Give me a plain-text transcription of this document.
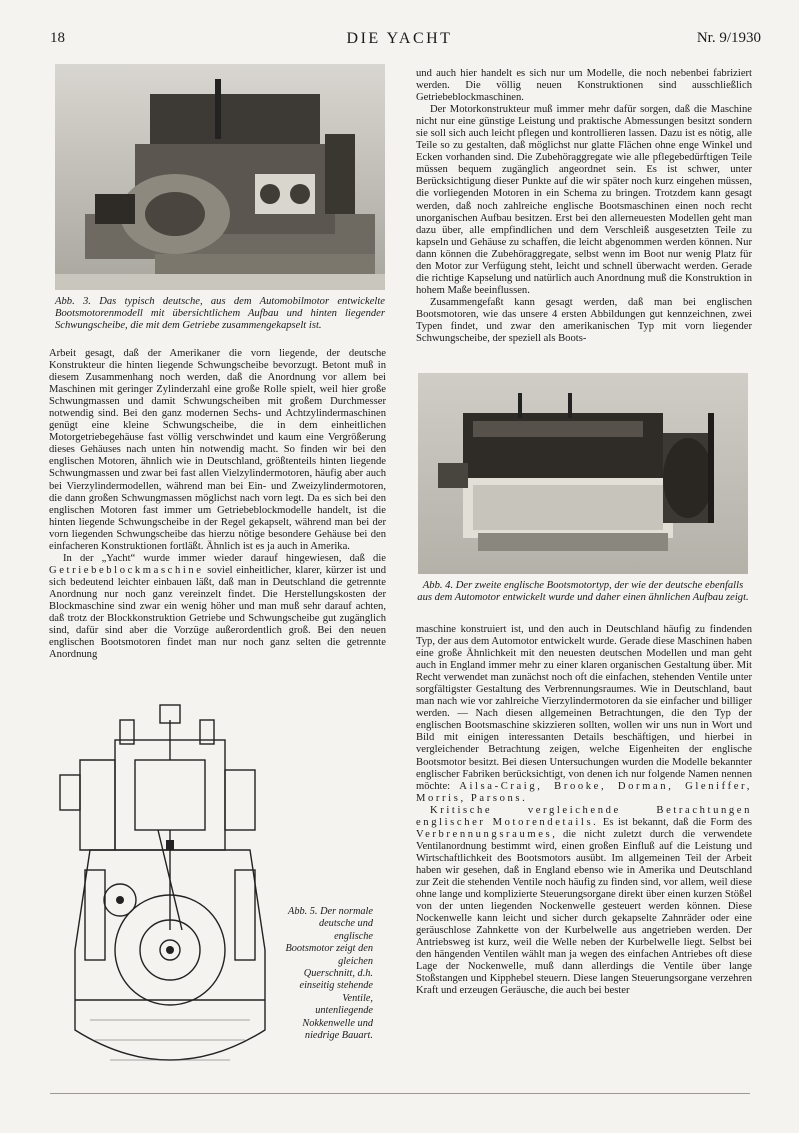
18	DIE YACHT	Nr. 9/1930
Abb. 3. Das typisch deutsche, aus dem Automobilmotor entwickelte Bootsmotorenmodell mit übersichtlichem Aufbau und hinten liegender Schwungscheibe, die mit dem Getriebe zusammengekapselt ist.

Arbeit gesagt, daß der Amerikaner die vorn liegende, der deutsche Konstrukteur die hinten liegende Schwungscheibe bevorzugt. Betont muß in diesem Zusammenhang noch werden, daß die Anordnung vor allem bei Maschinen mit geringer Zylinderzahl eine große Rolle spielt, weil hier große Schwungmassen und damit Schwungscheiben mit großem Durchmesser notwendig sind. Bei den ganz modernen Sechs- und Achtzylindermaschinen genügt eine kleine Schwungscheibe, die in dem einheitlichen Motorgetriebegehäuse fast völlig verschwindet und kaum eine Vergrößerung dieses Gehäuses nach unten hin notwendig macht. So finden wir bei den englischen Motoren, ähnlich wie in Deutschland, größtenteils hinten liegende Schwungmassen und zwar bei fast allen Vielzylindermotoren, häufig aber auch bei Vierzylindermodellen, während man bei Ein- und Zweizylindermotoren, die dann großen Schwungmassen möglichst nach vorn legt. Da es sich bei den englischen Motoren fast immer um Getriebeblockmodelle handelt, ist die hinten liegende Schwungscheibe in der Regel gekapselt, während man bei der vorn liegenden Schwungscheibe das hierzu nötige besondere Gehäuse bei den einfacheren Konstruktionen fortläßt. Ähnlich ist es ja auch in Amerika.

In der „Yacht“ wurde immer wieder darauf hingewiesen, daß die Getriebeblockmaschine soviel einheitlicher, klarer, kürzer ist und sich bedeutend leichter einbauen läßt, daß man in Deutschland die getrennte Anordnung nur noch ganz vereinzelt findet. Die Herstellungskosten der Blockmaschine sind zwar ein wenig höher und man muß sehr darauf achten, daß trotz der Blockkonstruktion Getriebe und Schwungscheibe gut zugänglich sind, dafür sind aber die Vorzüge außerordentlich groß. Bei den neuen englischen Bootsmotoren findet man nur noch ganz selten die getrennte Anordnung

Abb. 5. Der normale deutsche und englische Bootsmotor zeigt den gleichen Querschnitt, d.h. einseitig stehende Ventile, untenliegende Nokkenwelle und niedrige Bauart.

und auch hier handelt es sich nur um Modelle, die noch nebenbei fabriziert werden. Die völlig neuen Konstruktionen sind ausschließlich Getriebeblockmaschinen.

Der Motorkonstrukteur muß immer mehr dafür sorgen, daß die Maschine nicht nur eine günstige Leistung und praktische Abmessungen besitzt sondern sie soll sich auch leicht pflegen und kontrollieren lassen. Dazu ist es nötig, alle Teile so zu gestalten, daß möglichst nur glatte Flächen ohne enge Winkel und Ecken vorhanden sind. Die Zubehöraggregate wie alle pflegebedürftigen Teile müssen bequem zugänglich angeordnet sein. Es ist schwer, unter Berücksichtigung dieser Punkte auf die wir später noch kurz eingehen müssen, die vorliegenden Motoren in ein Schema zu bringen. Trotzdem kann gesagt werden, daß noch zahlreiche englische Bootsmaschinen einen noch recht unorganischen Aufbau besitzen. Erst bei den allerneuesten Modellen geht man dazu über, alle empfindlichen und dem Verschleiß ausgesetzten Teile zu kapseln und Gehäuse zu schaffen, die leicht abgenommen werden können. Nur dann können die Zubehöraggregate, selbst wenn im Boot nur wenig Platz für den Motor zur Verfügung steht, leicht und schnell überwacht werden. Gerade die richtige Kapselung und natürlich auch Anordnung muß die Konstruktion in hohem Maße beeinflussen.

Zusammengefaßt kann gesagt werden, daß man bei englischen Bootsmotoren, wie das unsere 4 ersten Abbildungen gut kennzeichnen, zwei Typen findet, und zwar den amerikanischen Typ mit vorn liegender Schwungscheibe, der speziell als Boots-

Abb. 4. Der zweite englische Bootsmotortyp, der wie der deutsche ebenfalls aus dem Automotor entwickelt wurde und daher einen ähnlichen Aufbau zeigt.

maschine konstruiert ist, und den auch in Deutschland häufig zu findenden Typ, der aus dem Automotor entwickelt wurde. Gerade diese Maschinen haben eine große Ähnlichkeit mit den neuesten deutschen Modellen und man geht auch in England immer mehr zu einer klaren organischen Gestaltung über. Mit Recht verwendet man zunächst noch oft die einfachen, stehenden Ventile unter sorgfältigster Gestaltung des Verbrennungsraumes. Wie in Deutschland, baut man nach wie vor zahlreiche Vierzylindermotoren da sie einfacher und billiger werden. — Nach diesen allgemeinen Betrachtungen, die den Typ der englischen Bootsmaschine skizzieren sollten, wollen wir uns nun in Wort und Bild mit einigen interessanten Details beschäftigen, und hierbei in vergleichender Betrachtung zeigen, welche Eigenheiten der englische Bootsmotor besitzt. Bei diesen Untersuchungen wurden die Modelle bekannter englischer Fabriken berücksichtigt, von denen ich nur folgende Namen nennen möchte: Ailsa-Craig, Brooke, Dorman, Gleniffer, Morris, Parsons.

Kritische vergleichende Betrachtungen englischer Motorendetails. Es ist bekannt, daß die Form des Verbrennungsraumes, die nicht zuletzt durch die verwendete Ventilanordnung bestimmt wird, einen großen Einfluß auf die Leistung und Wirtschaftlichkeit des Bootsmotors ausübt. Im allgemeinen Teil der Arbeit haben wir gesehen, daß in England ebenso wie in Amerika und Deutschland zur Zeit die stehenden Ventile noch häufig zu finden sind, vor allem, weil diese ohne lange und komplizierte Steuerungsorgane direkt über einen kurzen Stößel von der unten liegenden Nockenwelle gesteuert werden können. Diese Nockenwelle kann leicht und sicher durch gekapselte Zahnräder oder eine geräuschlose Zahnkette von der Kurbelwelle aus angetrieben werden. Der Antriebsweg ist kurz, weil die Welle neben der Kurbelwelle liegt. Selbst bei den hängenden Ventilen wählt man ja wegen des einfachen Antriebes oft diese Lage der Nockenwelle, muß dann allerdings die Ventile über lange Stoßstangen und Kipphebel steuern. Diese langen Steuerungsorgane verzehren Kraft und erzeugen Geräusche, die auch bei bester
